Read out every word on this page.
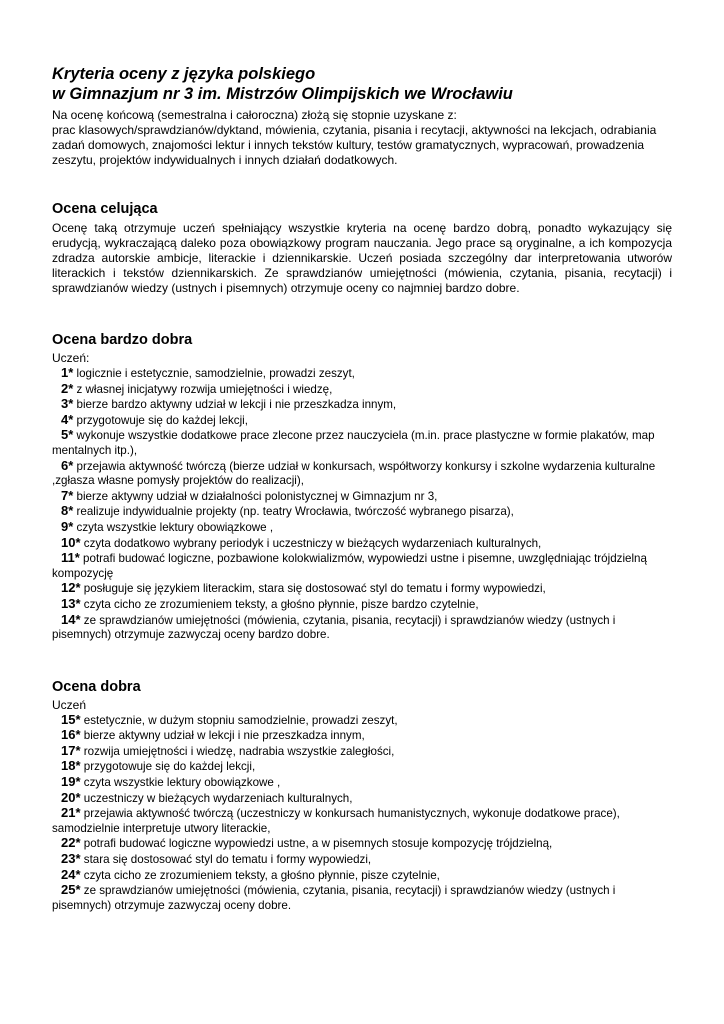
Kryteria oceny z języka polskiego
w Gimnazjum nr 3 im. Mistrzów Olimpijskich we Wrocławiu

Na ocenę końcową (semestralna i całoroczna) złożą się stopnie uzyskane z:
prac klasowych/sprawdzianów/dyktand, mówienia, czytania, pisania i recytacji, aktywności na lekcjach, odrabiania zadań domowych, znajomości lektur i innych tekstów kultury, testów gramatycznych, wypracowań, prowadzenia zeszytu, projektów indywidualnych i innych działań dodatkowych.

Ocena celująca

Ocenę taką otrzymuje uczeń spełniający wszystkie kryteria na ocenę bardzo dobrą, ponadto wykazujący się erudycją, wykraczającą daleko poza obowiązkowy program nauczania. Jego prace są oryginalne, a ich kompozycja zdradza autorskie ambicje, literackie i dziennikarskie. Uczeń posiada szczególny dar interpretowania utworów literackich i tekstów dziennikarskich. Ze sprawdzianów umiejętności (mówienia, czytania, pisania, recytacji) i sprawdzianów wiedzy (ustnych i pisemnych) otrzymuje oceny co najmniej bardzo dobre.

Ocena bardzo dobra

Uczeń:

1* logicznie i estetycznie, samodzielnie, prowadzi zeszyt,
2* z własnej inicjatywy rozwija umiejętności i wiedzę,
3* bierze bardzo aktywny udział w lekcji i nie przeszkadza innym,
4* przygotowuje się do każdej lekcji,
5* wykonuje wszystkie dodatkowe prace zlecone przez nauczyciela (m.in. prace plastyczne w formie plakatów, map mentalnych itp.),
6* przejawia aktywność twórczą (bierze udział w konkursach, współtworzy konkursy i szkolne wydarzenia kulturalne ,zgłasza własne pomysły projektów do realizacji),
7* bierze aktywny udział w działalności polonistycznej w Gimnazjum nr 3,
8* realizuje indywidualnie projekty (np. teatry Wrocławia, twórczość wybranego pisarza),
9* czyta wszystkie lektury obowiązkowe ,
10* czyta dodatkowo wybrany periodyk i uczestniczy w bieżących wydarzeniach kulturalnych,
11* potrafi budować logiczne, pozbawione kolokwializmów, wypowiedzi ustne i pisemne, uwzględniając trójdzielną kompozycję
12* posługuje się językiem literackim, stara się dostosować styl do tematu i formy wypowiedzi,
13* czyta cicho ze zrozumieniem teksty, a głośno płynnie, pisze bardzo czytelnie,
14* ze sprawdzianów umiejętności (mówienia, czytania, pisania, recytacji) i sprawdzianów wiedzy (ustnych i pisemnych) otrzymuje zazwyczaj oceny bardzo dobre.
Ocena dobra

Uczeń

15* estetycznie, w dużym stopniu samodzielnie, prowadzi zeszyt,
16* bierze aktywny udział w lekcji i nie przeszkadza innym,
17* rozwija umiejętności i wiedzę, nadrabia wszystkie zaległości,
18* przygotowuje się do każdej lekcji,
19* czyta wszystkie lektury obowiązkowe ,
20* uczestniczy w bieżących wydarzeniach kulturalnych,
21* przejawia aktywność twórczą (uczestniczy w konkursach humanistycznych, wykonuje dodatkowe prace), samodzielnie interpretuje utwory literackie,
22* potrafi budować logiczne wypowiedzi ustne, a w pisemnych stosuje kompozycję trójdzielną,
23* stara się dostosować styl do tematu i formy wypowiedzi,
24* czyta cicho ze zrozumieniem teksty, a głośno płynnie, pisze czytelnie,
25* ze sprawdzianów umiejętności (mówienia, czytania, pisania, recytacji) i sprawdzianów wiedzy (ustnych i pisemnych) otrzymuje zazwyczaj oceny dobre.
